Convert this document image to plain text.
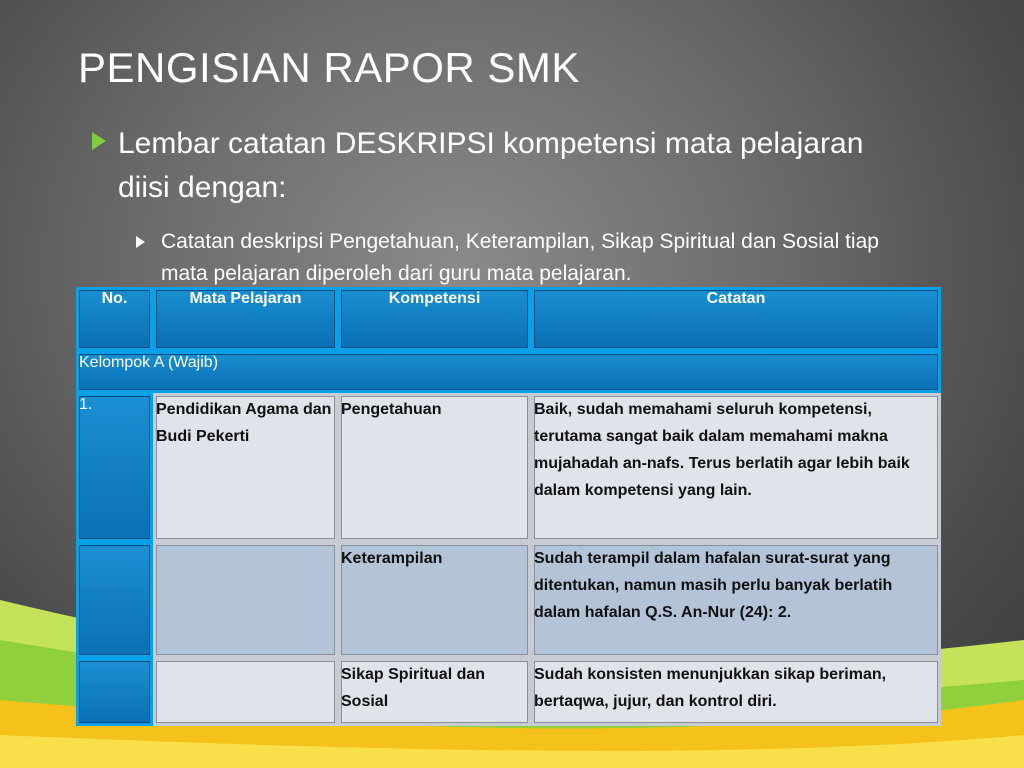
PENGISIAN RAPOR SMK
Lembar catatan DESKRIPSI kompetensi mata pelajaran diisi dengan:
Catatan deskripsi Pengetahuan, Keterampilan, Sikap Spiritual dan Sosial tiap mata pelajaran diperoleh dari guru mata pelajaran.
No.	Mata Pelajaran	Kompetensi	Catatan
Kelompok A (Wajib)			
1.	Pendidikan Agama dan Budi Pekerti	Pengetahuan	Baik, sudah memahami seluruh kompetensi, terutama sangat baik dalam memahami makna mujahadah an-nafs. Terus berlatih agar lebih baik dalam kompetensi yang lain.
		Keterampilan	Sudah terampil dalam hafalan surat-surat yang ditentukan, namun masih perlu banyak berlatih dalam hafalan Q.S. An-Nur (24): 2.
		Sikap Spiritual dan Sosial	Sudah konsisten menunjukkan sikap beriman, bertaqwa, jujur, dan kontrol diri.
